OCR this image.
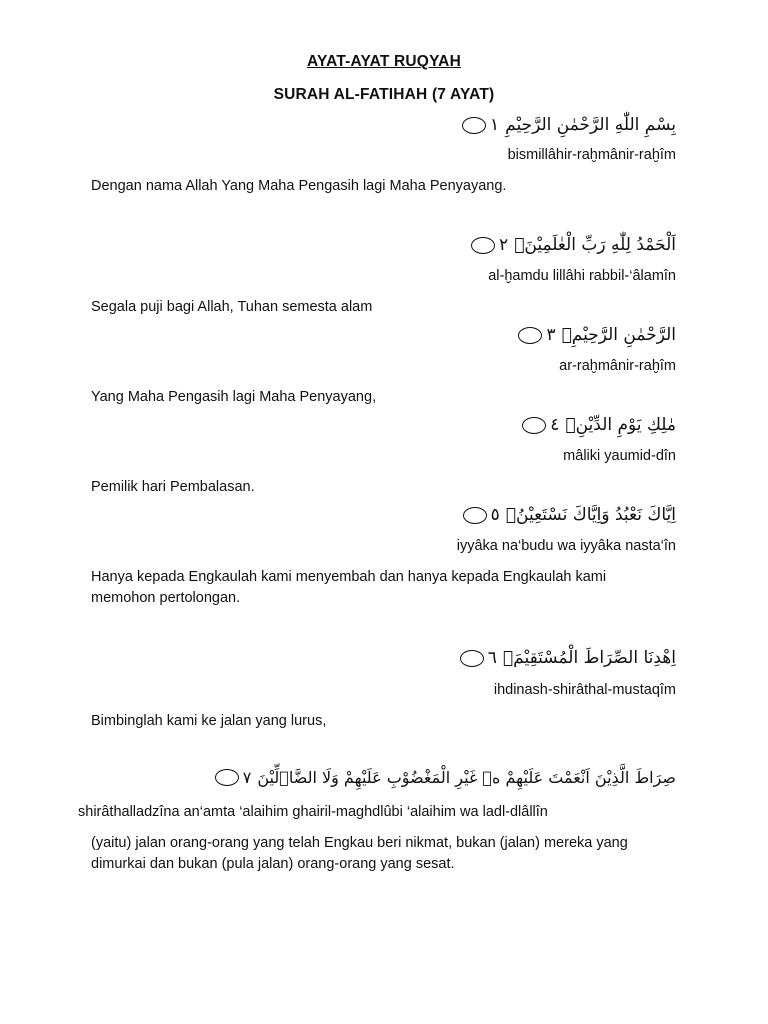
AYAT-AYAT RUQYAH
SURAH AL-FATIHAH (7 AYAT)
بِسْمِ اللّٰهِ الرَّحْمٰنِ الرَّحِيْمِ
١
bismillâhir-raḫmânir-raḫîm
Dengan nama Allah Yang Maha Pengasih lagi Maha Penyayang.
اَلْحَمْدُ لِلّٰهِ رَبِّ الْعٰلَمِيْنَۙ
٢
al-ḫamdu lillâhi rabbil-‘âlamîn
Segala puji bagi Allah, Tuhan semesta alam
الرَّحْمٰنِ الرَّحِيْمِۙ
٣
ar-raḫmânir-raḫîm
Yang Maha Pengasih lagi Maha Penyayang,
مٰلِكِ يَوْمِ الدِّيْنِۗ
٤
mâliki yaumid-dîn
Pemilik hari Pembalasan.
اِيَّاكَ نَعْبُدُ وَاِيَّاكَ نَسْتَعِيْنُۗ
٥
iyyâka na‘budu wa iyyâka nasta‘în
Hanya kepada Engkaulah kami menyembah dan hanya kepada Engkaulah kami memohon pertolongan.
اِهْدِنَا الصِّرَاطَ الْمُسْتَقِيْمَۙ
٦
ihdinash-shirâthal-mustaqîm
Bimbinglah kami ke jalan yang lurus,
صِرَاطَ الَّذِيْنَ اَنْعَمْتَ عَلَيْهِمْ ەۙ غَيْرِ الْمَغْضُوْبِ عَلَيْهِمْ وَلَا الضَّاۤلِّيْنَ
٧
shirâthalladzîna an‘amta ‘alaihim ghairil-maghdlûbi ‘alaihim wa ladl-dlâllîn
(yaitu) jalan orang-orang yang telah Engkau beri nikmat, bukan (jalan) mereka yang dimurkai dan bukan (pula jalan) orang-orang yang sesat.
